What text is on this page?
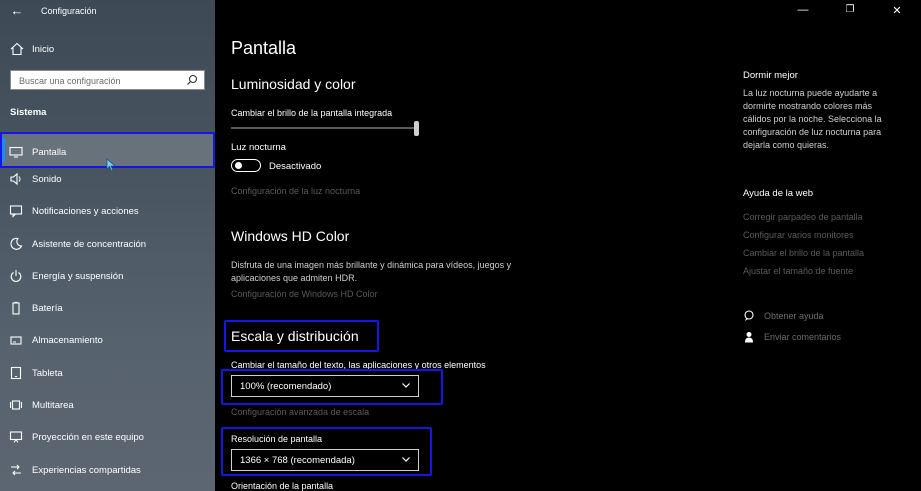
← Configuración
Inicio
Buscar una configuración
Sistema
Pantalla
Sonido
Notificaciones y acciones
Asistente de concentración
Energía y suspensión
Batería
Almacenamiento
Tableta
Multitarea
Proyección en este equipo
Experiencias compartidas
—	❐	✕
Pantalla
Luminosidad y color
Cambiar el brillo de la pantalla integrada
Luz nocturna
Desactivado
Configuración de la luz nocturna
Windows HD Color
Disfruta de una imagen más brillante y dinámica para vídeos, juegos y aplicaciones que admiten HDR.
Configuración de Windows HD Color
Escala y distribución
Cambiar el tamaño del texto, las aplicaciones y otros elementos
100% (recomendado)
Configuración avanzada de escala
Resolución de pantalla
1366 × 768 (recomendada)
Orientación de la pantalla
Dormir mejor
La luz nocturna puede ayudarte a dormirte mostrando colores más cálidos por la noche. Selecciona la configuración de luz nocturna para dejarla como quieras.
Ayuda de la web
Corregir parpadeo de pantalla
Configurar varios monitores
Cambiar el brillo de la pantalla
Ajustar el tamaño de fuente
Obtener ayuda
Enviar comentarios
